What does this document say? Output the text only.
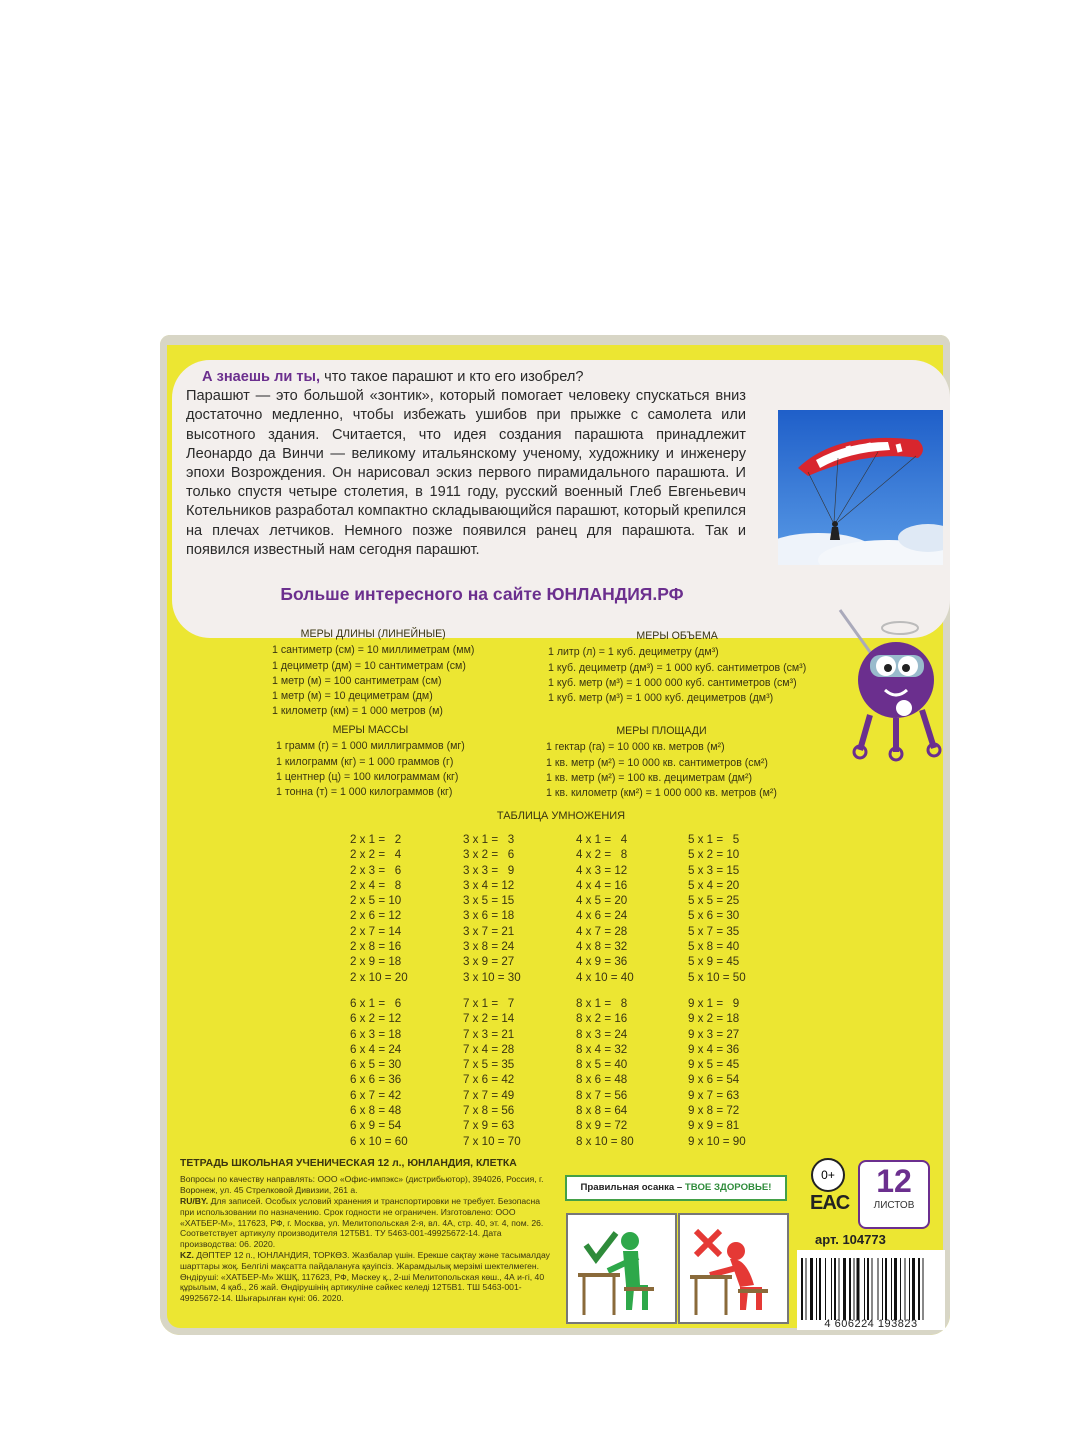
А знаешь ли ты, что такое парашют и кто его изобрел?

Парашют — это большой «зонтик», который помогает человеку спускаться вниз достаточно медленно, чтобы избежать ушибов при прыжке с самолета или высотного здания. Считается, что идея создания парашюта принадлежит Леонардо да Винчи — великому итальянскому ученому, художнику и инженеру эпохи Возрождения. Он нарисовал эскиз первого пирамидального парашюта. И только спустя четыре столетия, в 1911 году, русский военный Глеб Евгеньевич Котельников разработал компактно складывающийся парашют, который крепился на плечах летчиков. Немного позже появился ранец для парашюта. Так и появился известный нам сегодня парашют.

Больше интересного на сайте ЮНЛАНДИЯ.РФ
МЕРЫ ДЛИНЫ (ЛИНЕЙНЫЕ)
1 сантиметр (см) = 10 миллиметрам (мм)
1 дециметр (дм) = 10 сантиметрам (см)
1 метр (м) = 100 сантиметрам (см)
1 метр (м) = 10 дециметрам (дм)
1 километр (км) = 1 000 метров (м)
МЕРЫ ОБЪЕМА
1 литр (л) = 1 куб. дециметру (дм³)
1 куб. дециметр (дм³) = 1 000 куб. сантиметров (см³)
1 куб. метр (м³) = 1 000 000 куб. сантиметров (см³)
1 куб. метр (м³) = 1 000 куб. дециметров (дм³)
МЕРЫ МАССЫ
1 грамм (г) = 1 000 миллиграммов (мг)
1 килограмм (кг) = 1 000 граммов (г)
1 центнер (ц) = 100 килограммам (кг)
1 тонна (т) = 1 000 килограммов (кг)
МЕРЫ ПЛОЩАДИ
1 гектар (га) = 10 000 кв. метров (м²)
1 кв. метр (м²) = 10 000 кв. сантиметров (см²)
1 кв. метр (м²) = 100 кв. дециметрам (дм²)
1 кв. километр (км²) = 1 000 000 кв. метров (м²)
ТАБЛИЦА УМНОЖЕНИЯ
2 x 1 =   2
2 x 2 =   4
2 x 3 =   6
2 x 4 =   8
2 x 5 = 10
2 x 6 = 12
2 x 7 = 14
2 x 8 = 16
2 x 9 = 18
2 x 10 = 20
3 x 1 =   3
3 x 2 =   6
3 x 3 =   9
3 x 4 = 12
3 x 5 = 15
3 x 6 = 18
3 x 7 = 21
3 x 8 = 24
3 x 9 = 27
3 x 10 = 30
4 x 1 =   4
4 x 2 =   8
4 x 3 = 12
4 x 4 = 16
4 x 5 = 20
4 x 6 = 24
4 x 7 = 28
4 x 8 = 32
4 x 9 = 36
4 x 10 = 40
5 x 1 =   5
5 x 2 = 10
5 x 3 = 15
5 x 4 = 20
5 x 5 = 25
5 x 6 = 30
5 x 7 = 35
5 x 8 = 40
5 x 9 = 45
5 x 10 = 50
6 x 1 =   6
6 x 2 = 12
6 x 3 = 18
6 x 4 = 24
6 x 5 = 30
6 x 6 = 36
6 x 7 = 42
6 x 8 = 48
6 x 9 = 54
6 x 10 = 60
7 x 1 =   7
7 x 2 = 14
7 x 3 = 21
7 x 4 = 28
7 x 5 = 35
7 x 6 = 42
7 x 7 = 49
7 x 8 = 56
7 x 9 = 63
7 x 10 = 70
8 x 1 =   8
8 x 2 = 16
8 x 3 = 24
8 x 4 = 32
8 x 5 = 40
8 x 6 = 48
8 x 7 = 56
8 x 8 = 64
8 x 9 = 72
8 x 10 = 80
9 x 1 =   9
9 x 2 = 18
9 x 3 = 27
9 x 4 = 36
9 x 5 = 45
9 x 6 = 54
9 x 7 = 63
9 x 8 = 72
9 x 9 = 81
9 x 10 = 90
ТЕТРАДЬ ШКОЛЬНАЯ УЧЕНИЧЕСКАЯ 12 л., ЮНЛАНДИЯ, КЛЕТКА

Вопросы по качеству направлять: ООО «Офис-импэкс» (дистрибьютор), 394026, Россия, г. Воронеж, ул. 45 Стрелковой Дивизии, 261 а.

RU/BY. Для записей. Особых условий хранения и транспортировки не требует. Безопасна при использовании по назначению. Срок годности не ограничен. Изготовлено: ООО «ХАТБЕР-М», 117623, РФ, г. Москва, ул. Мелитопольская 2-я, вл. 4А, стр. 40, эт. 4, пом. 26. Соответствует артикулу производителя 12Т5В1. ТУ 5463-001-49925672-14. Дата производства: 06. 2020.

KZ. ДӘПТЕР 12 п., ЮНЛАНДИЯ, ТОРКӨЗ. Жазбалар үшін. Ерекше сақтау және тасымалдау шарттары жоқ. Белгілі мақсатта пайдалануға қауіпсіз. Жарамдылық мерзімі шектелмеген. Өндіруші: «ХАТБЕР-М» ЖШҚ, 117623, РФ, Мәскеу қ., 2-ші Мелитопольская көш., 4А и-гі, 40 құрылым, 4 қаб., 26 жай. Өндірушінің артикуліне сәйкес келеді 12Т5В1. ТШ 5463-001-49925672-14. Шығарылған күні: 06. 2020.

Правильная осанка – ТВОЕ ЗДОРОВЬЕ!
0+
EAC
12
ЛИСТОВ
арт. 104773
4 606224 193823
